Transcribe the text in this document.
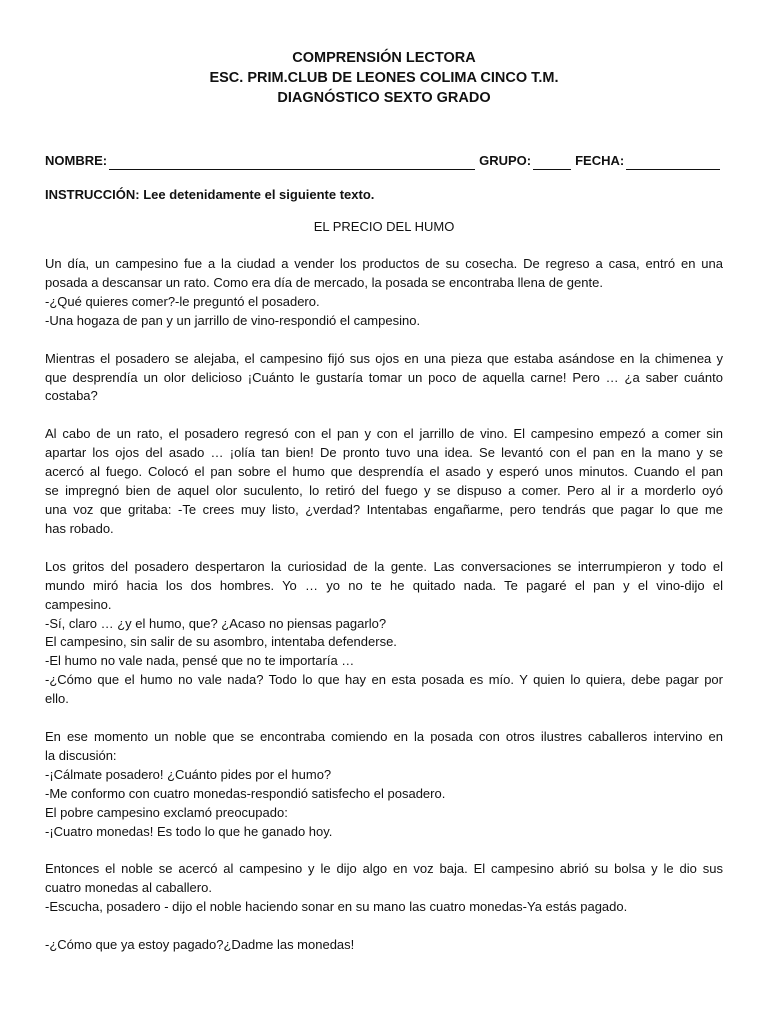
COMPRENSIÓN LECTORA
ESC. PRIM.CLUB DE LEONES COLIMA CINCO T.M.
DIAGNÓSTICO SEXTO GRADO
NOMBRE:	GRUPO:	FECHA:
INSTRUCCIÓN: Lee detenidamente el siguiente texto.
EL PRECIO DEL HUMO
Un día, un campesino fue a la ciudad a vender los productos de su cosecha. De regreso a casa, entró en una
posada a descansar un rato. Como era día de mercado, la posada se encontraba llena de gente.
-¿Qué quieres comer?-le preguntó el posadero.
-Una hogaza de pan y un jarrillo de vino-respondió el campesino.
Mientras el posadero se alejaba, el campesino fijó sus ojos en una pieza que estaba asándose en la chimenea y
que desprendía un olor delicioso ¡Cuánto le gustaría tomar un poco de aquella carne! Pero … ¿a saber cuánto
costaba?
Al cabo de un rato, el posadero regresó con el pan y con el jarrillo de vino. El campesino empezó a comer sin
apartar los ojos del asado … ¡olía tan bien! De pronto tuvo una idea. Se levantó con el pan en la mano y se
acercó al fuego. Colocó el pan sobre el humo que desprendía el asado y esperó unos minutos. Cuando el pan
se impregnó bien de aquel olor suculento, lo retiró del fuego y se dispuso a comer. Pero al ir a morderlo oyó
una voz que gritaba: -Te crees muy listo, ¿verdad? Intentabas engañarme, pero tendrás que pagar lo que me
has robado.
Los gritos del posadero despertaron la curiosidad de la gente. Las conversaciones se interrumpieron y todo el
mundo miró hacia los dos hombres. Yo … yo no te he quitado nada. Te pagaré el pan y el vino-dijo el
campesino.
-Sí, claro … ¿y el humo, que? ¿Acaso no piensas pagarlo?
El campesino, sin salir de su asombro, intentaba defenderse.
-El humo no vale nada, pensé que no te importaría …
-¿Cómo que el humo no vale nada? Todo lo que hay en esta posada es mío. Y quien lo quiera, debe pagar por
ello.
En ese momento un noble que se encontraba comiendo en la posada con otros ilustres caballeros intervino en
la discusión:
-¡Cálmate posadero! ¿Cuánto pides por el humo?
-Me conformo con cuatro monedas-respondió satisfecho el posadero.
El pobre campesino exclamó preocupado:
-¡Cuatro monedas! Es todo lo que he ganado hoy.
Entonces el noble se acercó al campesino y le dijo algo en voz baja. El campesino abrió su bolsa y le dio sus
cuatro monedas al caballero.
-Escucha, posadero - dijo el noble haciendo sonar en su mano las cuatro monedas-Ya estás pagado.
-¿Cómo que ya estoy pagado?¿Dadme las monedas!
